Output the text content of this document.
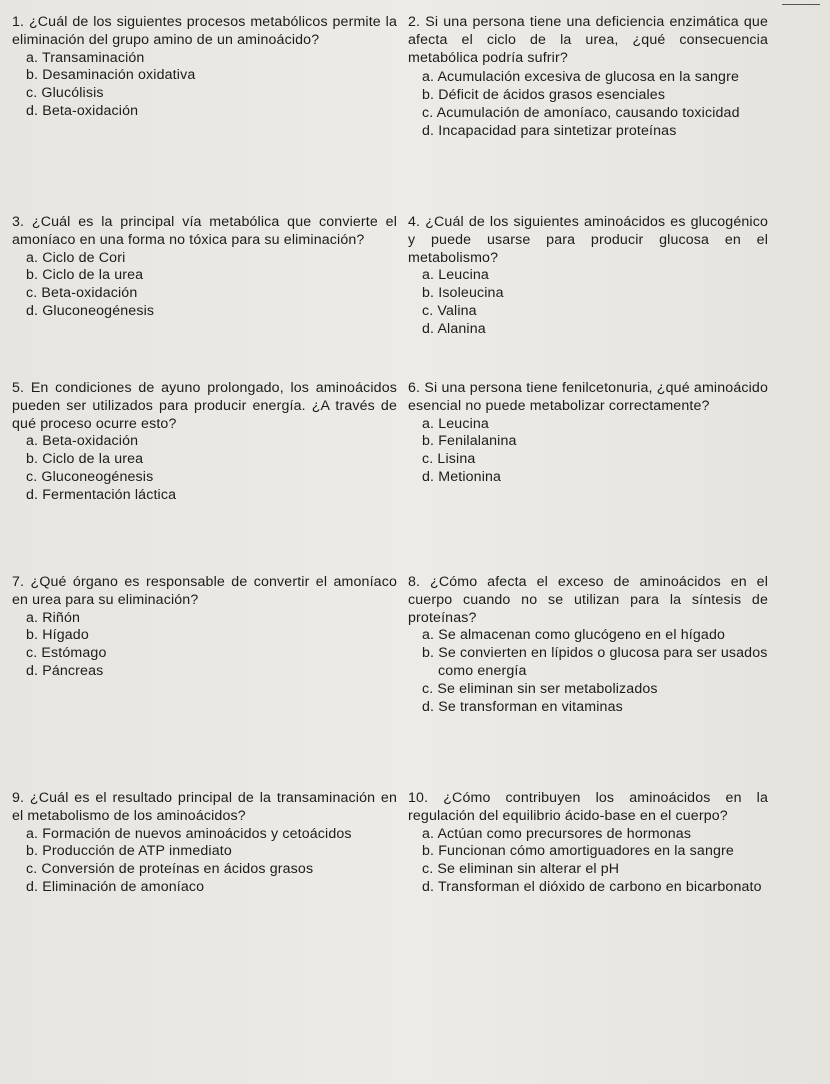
1. ¿Cuál de los siguientes procesos metabólicos permite la eliminación del grupo amino de un aminoácido?
a. Transaminación
b. Desaminación oxidativa
c. Glucólisis
d. Beta-oxidación
2. Si una persona tiene una deficiencia enzimática que afecta el ciclo de la urea, ¿qué consecuencia metabólica podría sufrir?
a. Acumulación excesiva de glucosa en la sangre
b. Déficit de ácidos grasos esenciales
c. Acumulación de amoníaco, causando toxicidad
d. Incapacidad para sintetizar proteínas
3. ¿Cuál es la principal vía metabólica que convierte el amoníaco en una forma no tóxica para su eliminación?
a. Ciclo de Cori
b. Ciclo de la urea
c. Beta-oxidación
d. Gluconeogénesis
4. ¿Cuál de los siguientes aminoácidos es glucogénico y puede usarse para producir glucosa en el metabolismo?
a. Leucina
b. Isoleucina
c. Valina
d. Alanina
5. En condiciones de ayuno prolongado, los aminoácidos pueden ser utilizados para producir energía. ¿A través de qué proceso ocurre esto?
a. Beta-oxidación
b. Ciclo de la urea
c. Gluconeogénesis
d. Fermentación láctica
6. Si una persona tiene fenilcetonuria, ¿qué aminoácido esencial no puede metabolizar correctamente?
a. Leucina
b. Fenilalanina
c. Lisina
d. Metionina
7. ¿Qué órgano es responsable de convertir el amoníaco en urea para su eliminación?
a. Riñón
b. Hígado
c. Estómago
d. Páncreas
8. ¿Cómo afecta el exceso de aminoácidos en el cuerpo cuando no se utilizan para la síntesis de proteínas?
a. Se almacenan como glucógeno en el hígado
b. Se convierten en lípidos o glucosa para ser usados como energía
c. Se eliminan sin ser metabolizados
d. Se transforman en vitaminas
9. ¿Cuál es el resultado principal de la transaminación en el metabolismo de los aminoácidos?
a. Formación de nuevos aminoácidos y cetoácidos
b. Producción de ATP inmediato
c. Conversión de proteínas en ácidos grasos
d. Eliminación de amoníaco
10. ¿Cómo contribuyen los aminoácidos en la regulación del equilibrio ácido-base en el cuerpo?
a. Actúan como precursores de hormonas
b. Funcionan cómo amortiguadores en la sangre
c. Se eliminan sin alterar el pH
d. Transforman el dióxido de carbono en bicarbonato
